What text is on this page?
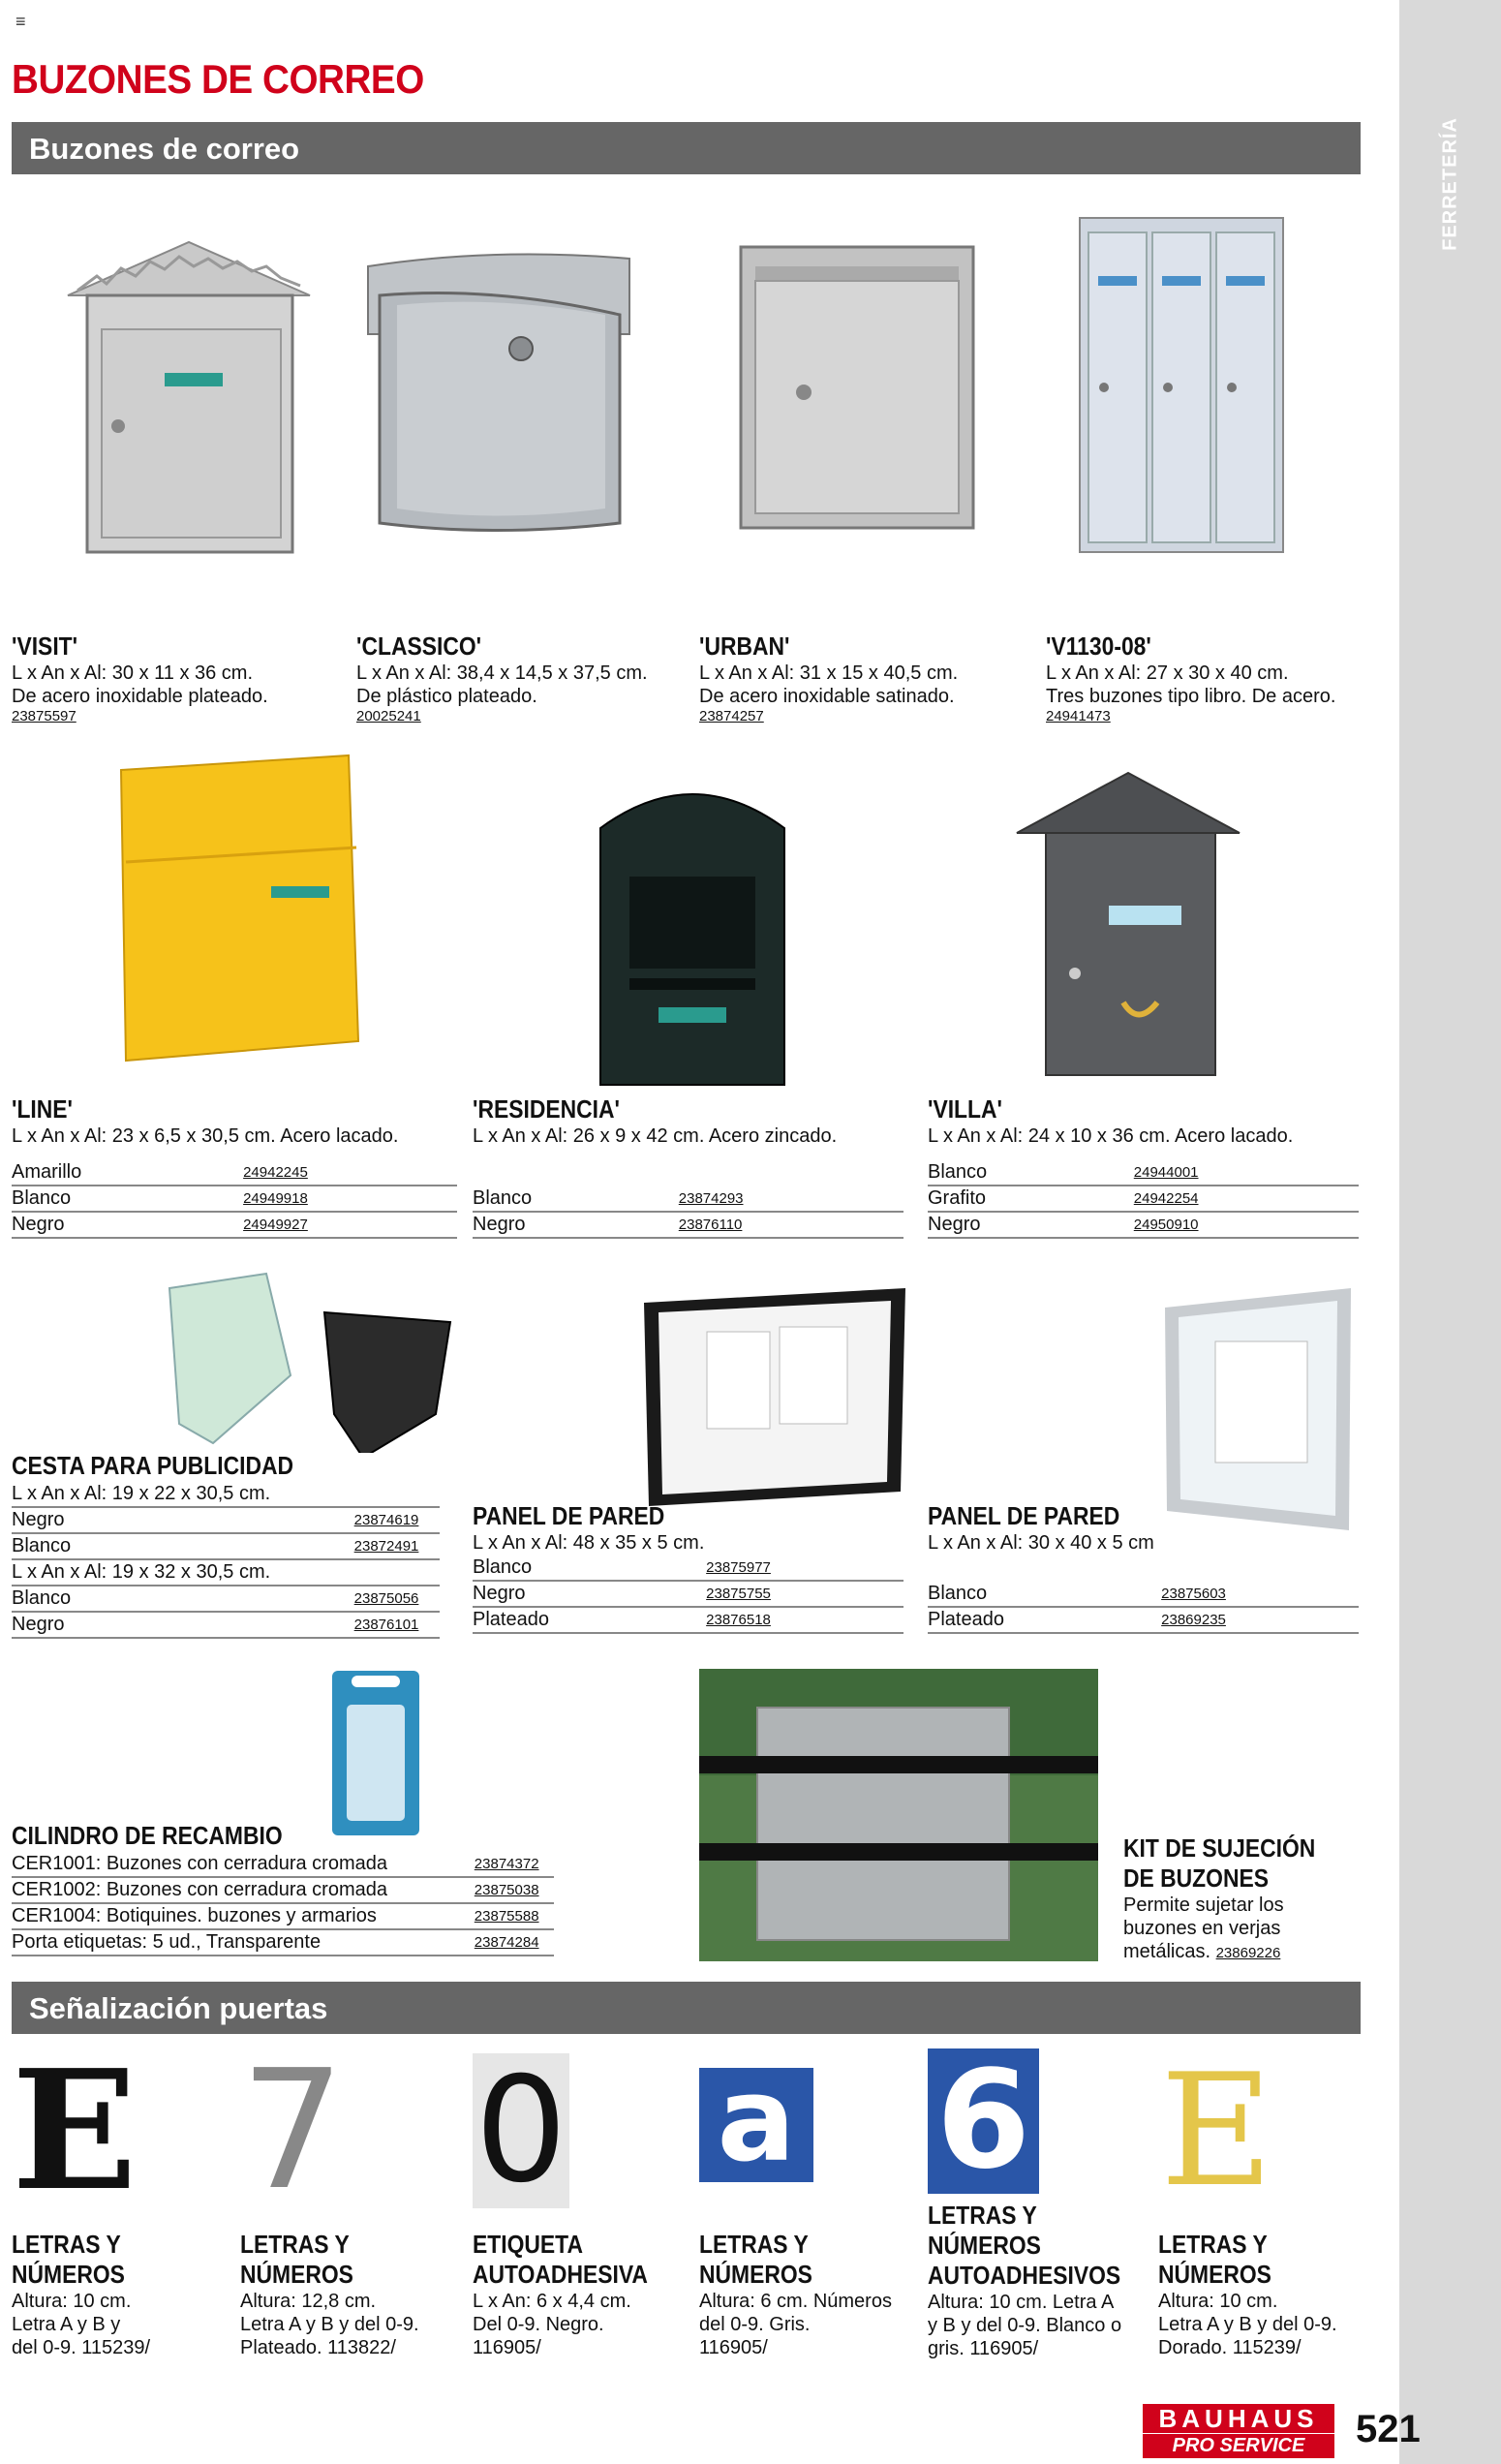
FERRETERÍA
≡
BUZONES DE CORREO
Buzones de correo
'VISIT'
L x An x Al: 30 x 11 x 36 cm.
De acero inoxidable plateado.
23875597
'CLASSICO'
L x An x Al: 38,4 x 14,5 x 37,5 cm.
De plástico plateado.
20025241
'URBAN'
L x An x Al: 31 x 15 x 40,5 cm.
De acero inoxidable satinado.
23874257
'V1130-08'
L x An x Al: 27 x 30 x 40 cm.
Tres buzones tipo libro. De acero.
24941473
'LINE'
L x An x Al: 23 x 6,5 x 30,5 cm. Acero lacado.
Amarillo	24942245
Blanco	24949918
Negro	24949927
'RESIDENCIA'
L x An x Al: 26 x 9 x 42 cm. Acero zincado.
Blanco	23874293
Negro	23876110
'VILLA'
L x An x Al: 24 x 10 x 36 cm. Acero lacado.
Blanco	24944001
Grafito	24942254
Negro	24950910
CESTA PARA PUBLICIDAD
L x An x Al: 19 x 22 x 30,5 cm.	
Negro	23874619
Blanco	23872491
L x An x Al: 19 x 32 x 30,5 cm.	
Blanco	23875056
Negro	23876101
PANEL DE PARED
L x An x Al: 48 x 35 x 5 cm.
Blanco	23875977
Negro	23875755
Plateado	23876518
PANEL DE PARED
L x An x Al: 30 x 40 x 5 cm
Blanco	23875603
Plateado	23869235
CILINDRO DE RECAMBIO
CER1001: Buzones con cerradura cromada	23874372
CER1002: Buzones con cerradura cromada	23875038
CER1004: Botiquines. buzones y armarios	23875588
Porta etiquetas: 5 ud., Transparente	23874284
KIT DE SUJECIÓN
DE BUZONES
Permite sujetar los
buzones en verjas
metálicas. 23869226
Señalización puertas
E 7 0 a 6 E
LETRAS Y
NÚMEROS
Altura: 10 cm.
Letra A y B y
del 0-9. 115239/
LETRAS Y
NÚMEROS
Altura: 12,8 cm.
Letra A y B y del 0-9.
Plateado. 113822/
ETIQUETA
AUTOADHESIVA
L x An: 6 x 4,4 cm.
Del 0-9. Negro.
116905/
LETRAS Y
NÚMEROS
Altura: 6 cm. Números
del 0-9. Gris.
116905/
LETRAS Y
NÚMEROS
AUTOADHESIVOS
Altura: 10 cm. Letra A
y B y del 0-9. Blanco o
gris. 116905/
LETRAS Y
NÚMEROS
Altura: 10 cm.
Letra A y B y del 0-9.
Dorado. 115239/
BAUHAUS
PRO SERVICE	521
